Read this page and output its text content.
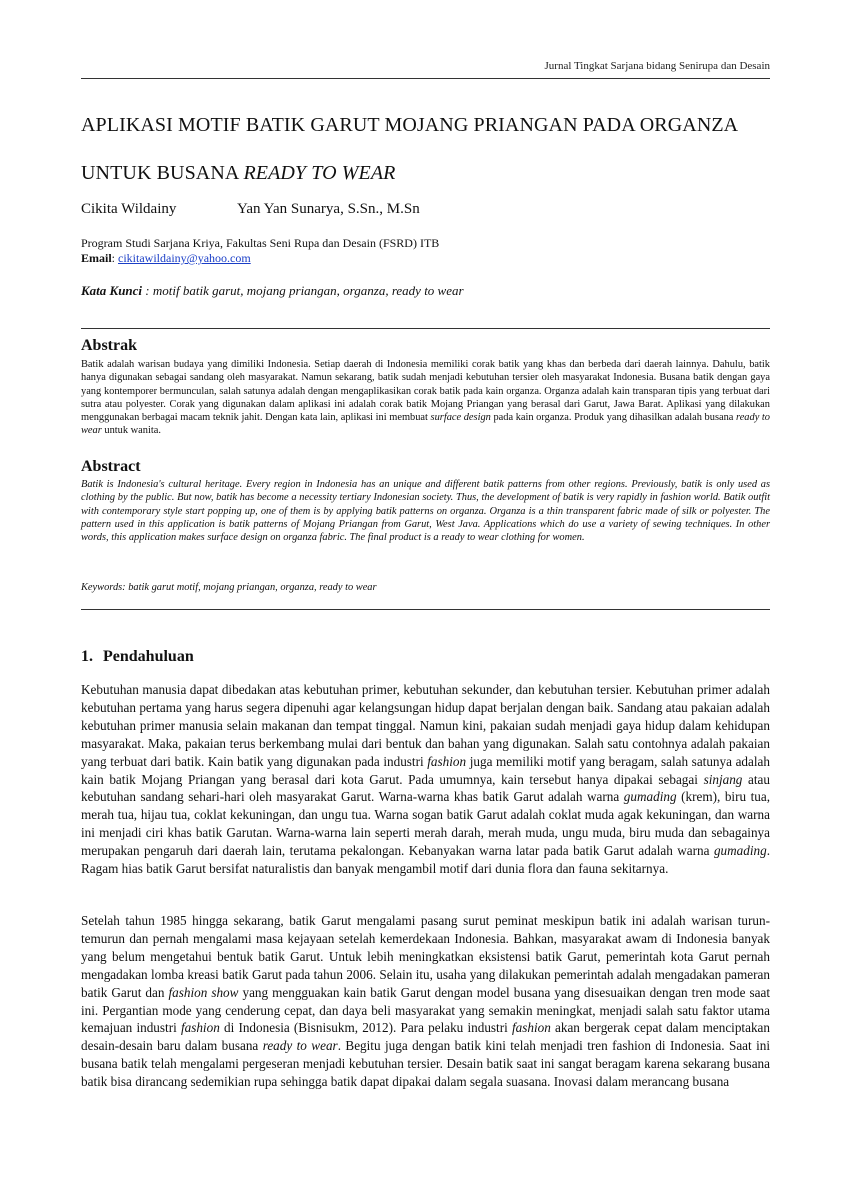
Jurnal Tingkat Sarjana bidang Senirupa dan Desain
APLIKASI MOTIF BATIK GARUT MOJANG PRIANGAN PADA ORGANZA
UNTUK BUSANA READY TO WEAR
Cikita Wildainy	Yan Yan Sunarya, S.Sn., M.Sn
Program Studi Sarjana Kriya, Fakultas Seni Rupa dan Desain (FSRD) ITB
Email: cikitawildainy@yahoo.com
Kata Kunci : motif batik garut, mojang priangan, organza, ready to wear
Abstrak

Batik adalah warisan budaya yang dimiliki Indonesia. Setiap daerah di Indonesia memiliki corak batik yang khas dan berbeda dari daerah lainnya. Dahulu, batik hanya digunakan sebagai sandang oleh masyarakat. Namun sekarang, batik sudah menjadi kebutuhan tersier oleh masyarakat Indonesia. Busana batik dengan gaya yang kontemporer bermunculan, salah satunya adalah dengan mengaplikasikan corak batik pada kain organza. Organza adalah kain transparan tipis yang terbuat dari sutra atau polyester. Corak yang digunakan dalam aplikasi ini adalah corak batik Mojang Priangan yang berasal dari Garut, Jawa Barat. Aplikasi yang dilakukan menggunakan berbagai macam teknik jahit. Dengan kata lain, aplikasi ini membuat surface design pada kain organza. Produk yang dihasilkan adalah busana ready to wear untuk wanita.

Abstract

Batik is Indonesia's cultural heritage. Every region in Indonesia has an unique and different batik patterns from other regions. Previously, batik is only used as clothing by the public. But now, batik has become a necessity tertiary Indonesian society. Thus, the development of batik is very rapidly in fashion world. Batik outfit with contemporary style start popping up, one of them is by applying batik patterns on organza. Organza is a thin transparent fabric made of silk or polyester. The pattern used in this application is batik patterns of Mojang Priangan from Garut, West Java. Applications which do use a variety of sewing techniques. In other words, this application makes surface design on organza fabric. The final product is a ready to wear clothing for women.

Keywords: batik garut motif, mojang priangan, organza, ready to wear
1. Pendahuluan

Kebutuhan manusia dapat dibedakan atas kebutuhan primer, kebutuhan sekunder, dan kebutuhan tersier. Kebutuhan primer adalah kebutuhan pertama yang harus segera dipenuhi agar kelangsungan hidup dapat berjalan dengan baik. Sandang atau pakaian adalah kebutuhan primer manusia selain makanan dan tempat tinggal. Namun kini, pakaian sudah menjadi gaya hidup dalam kehidupan masyarakat. Maka, pakaian terus berkembang mulai dari bentuk dan bahan yang digunakan. Salah satu contohnya adalah pakaian yang terbuat dari batik. Kain batik yang digunakan pada industri fashion juga memiliki motif yang beragam, salah satunya adalah kain batik Mojang Priangan yang berasal dari kota Garut. Pada umumnya, kain tersebut hanya dipakai sebagai sinjang atau kebutuhan sandang sehari-hari oleh masyarakat Garut. Warna-warna khas batik Garut adalah warna gumading (krem), biru tua, merah tua, hijau tua, coklat kekuningan, dan ungu tua. Warna sogan batik Garut adalah coklat muda agak kekuningan, dan warna ini menjadi ciri khas batik Garutan. Warna-warna lain seperti merah darah, merah muda, ungu muda, biru muda dan sebagainya merupakan pengaruh dari daerah lain, terutama pekalongan. Kebanyakan warna latar pada batik Garut adalah warna gumading. Ragam hias batik Garut bersifat naturalistis dan banyak mengambil motif dari dunia flora dan fauna sekitarnya.

Setelah tahun 1985 hingga sekarang, batik Garut mengalami pasang surut peminat meskipun batik ini adalah warisan turun-temurun dan pernah mengalami masa kejayaan setelah kemerdekaan Indonesia. Bahkan, masyarakat awam di Indonesia banyak yang belum mengetahui bentuk batik Garut. Untuk lebih meningkatkan eksistensi batik Garut, pemerintah kota Garut pernah mengadakan lomba kreasi batik Garut pada tahun 2006. Selain itu, usaha yang dilakukan pemerintah adalah mengadakan pameran batik Garut dan fashion show yang mengguakan kain batik Garut dengan model busana yang disesuaikan dengan tren mode saat ini. Pergantian mode yang cenderung cepat, dan daya beli masyarakat yang semakin meningkat, menjadi salah satu faktor utama kemajuan industri fashion di Indonesia (Bisnisukm, 2012). Para pelaku industri fashion akan bergerak cepat dalam menciptakan desain-desain baru dalam busana ready to wear. Begitu juga dengan batik kini telah menjadi tren fashion di Indonesia. Saat ini busana batik telah mengalami pergeseran menjadi kebutuhan tersier. Desain batik saat ini sangat beragam karena sekarang busana batik bisa dirancang sedemikian rupa sehingga batik dapat dipakai dalam segala suasana. Inovasi dalam merancang busana
